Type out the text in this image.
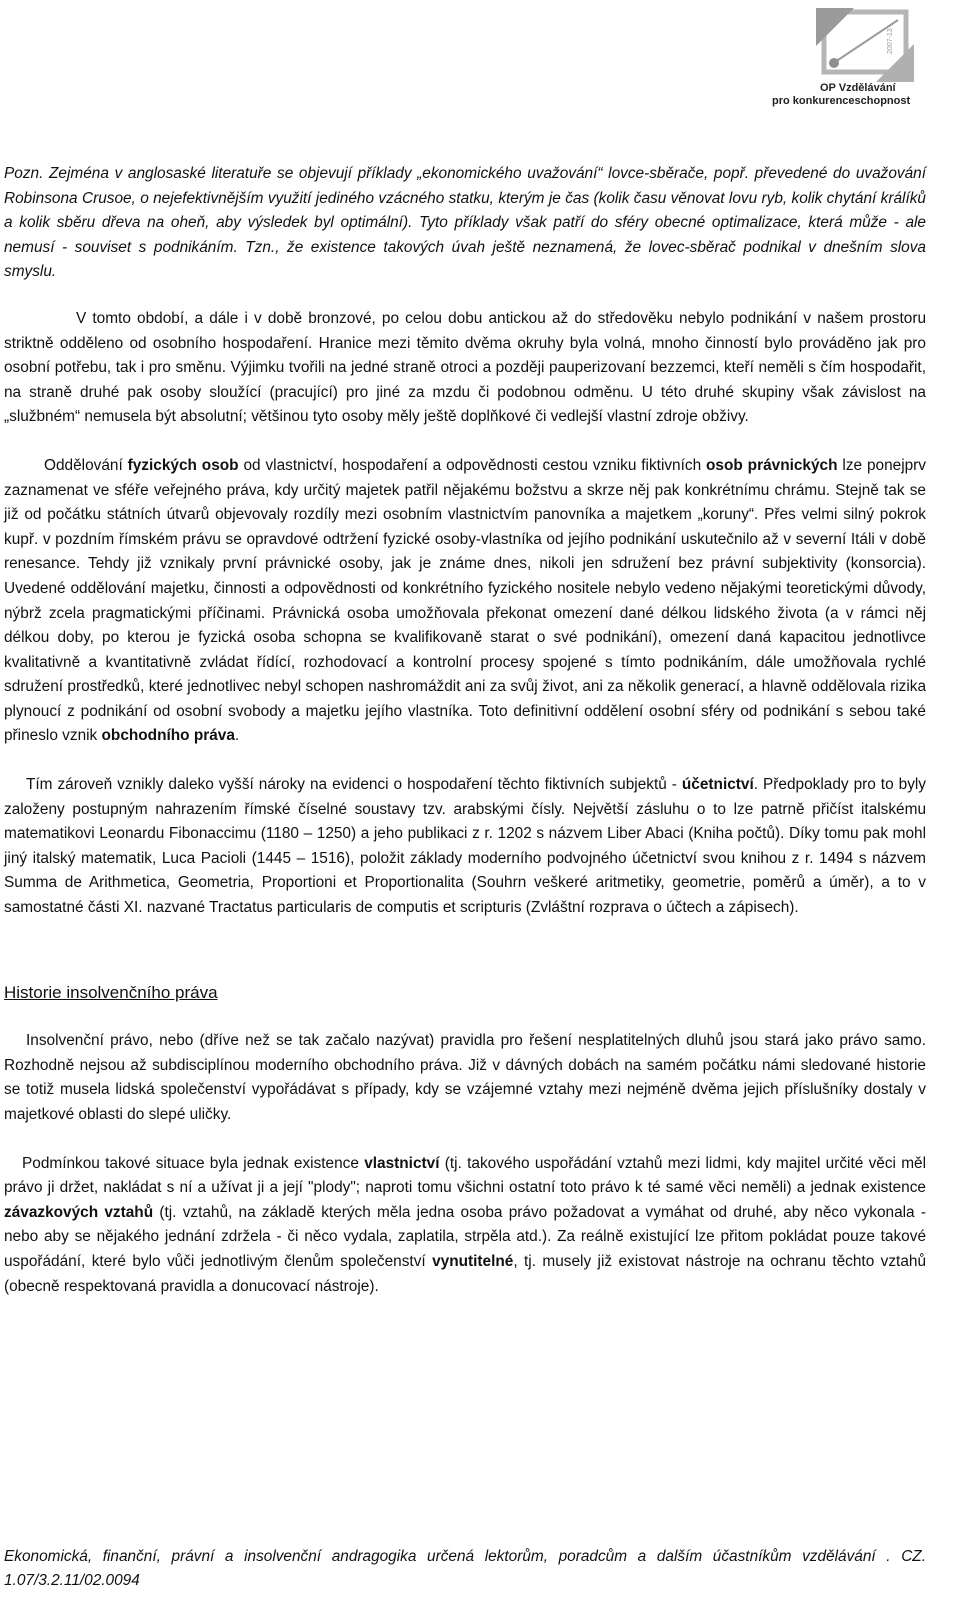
2007-13
OP Vzdělávání
pro konkurenceschopnost

Pozn. Zejména v anglosaské literatuře se objevují příklady „ekonomického uvažování“ lovce-sběrače, popř. převedené do uvažování Robinsona Crusoe, o nejefektivnějším využití jediného vzácného statku, kterým je čas (kolik času věnovat lovu ryb, kolik chytání králíků a kolik sběru dřeva na oheň, aby výsledek byl optimální). Tyto příklady však patří do sféry obecné optimalizace, která může - ale nemusí - souviset s podnikáním. Tzn., že existence takových úvah ještě neznamená, že lovec-sběrač podnikal v dnešním slova smyslu.

V tomto období, a dále i v době bronzové, po celou dobu antickou až do středověku nebylo podnikání v našem prostoru striktně odděleno od osobního hospodaření. Hranice mezi těmito dvěma okruhy byla volná, mnoho činností bylo prováděno jak pro osobní potřebu, tak i pro směnu. Výjimku tvořili na jedné straně otroci a později pauperizovaní bezzemci, kteří neměli s čím hospodařit, na straně druhé pak osoby sloužící (pracující) pro jiné za mzdu či podobnou odměnu. U této druhé skupiny však závislost na „službném“ nemusela být absolutní; většinou tyto osoby měly ještě doplňkové či vedlejší vlastní zdroje obživy.

Oddělování fyzických osob od vlastnictví, hospodaření a odpovědnosti cestou vzniku fiktivních osob právnických lze ponejprv zaznamenat ve sféře veřejného práva, kdy určitý majetek patřil nějakému božstvu a skrze něj pak konkrétnímu chrámu. Stejně tak se již od počátku státních útvarů objevovaly rozdíly mezi osobním vlastnictvím panovníka a majetkem „koruny“. Přes velmi silný pokrok kupř. v pozdním římském právu se opravdové odtržení fyzické osoby-vlastníka od jejího podnikání uskutečnilo až v severní Itáli v době renesance. Tehdy již vznikaly první právnické osoby, jak je známe dnes, nikoli jen sdružení bez právní subjektivity (konsorcia). Uvedené oddělování majetku, činnosti a odpovědnosti od konkrétního fyzického nositele nebylo vedeno nějakými teoretickými důvody, nýbrž zcela pragmatickými příčinami. Právnická osoba umožňovala překonat omezení dané délkou lidského života (a v rámci něj délkou doby, po kterou je fyzická osoba schopna se kvalifikovaně starat o své podnikání), omezení daná kapacitou jednotlivce kvalitativně a kvantitativně zvládat řídící, rozhodovací a kontrolní procesy spojené s tímto podnikáním, dále umožňovala rychlé sdružení prostředků, které jednotlivec nebyl schopen nashromáždit ani za svůj život, ani za několik generací, a hlavně oddělovala rizika plynoucí z podnikání od osobní svobody a majetku jejího vlastníka. Toto definitivní oddělení osobní sféry od podnikání s sebou také přineslo vznik obchodního práva.

Tím zároveň vznikly daleko vyšší nároky na evidenci o hospodaření těchto fiktivních subjektů - účetnictví. Předpoklady pro to byly založeny postupným nahrazením římské číselné soustavy tzv. arabskými čísly. Největší zásluhu o to lze patrně přičíst italskému matematikovi Leonardu Fibonaccimu (1180 – 1250) a jeho publikaci z r. 1202 s názvem Liber Abaci (Kniha počtů). Díky tomu pak mohl jiný italský matematik, Luca Pacioli (1445 – 1516), položit základy moderního podvojného účetnictví svou knihou z r. 1494 s názvem Summa de Arithmetica, Geometria, Proportioni et Proportionalita (Souhrn veškeré aritmetiky, geometrie, poměrů a úměr), a to v samostatné části XI. nazvané Tractatus particularis de computis et scripturis (Zvláštní rozprava o účtech a zápisech).

Historie insolvenčního práva

Insolvenční právo, nebo (dříve než se tak začalo nazývat) pravidla pro řešení nesplatitelných dluhů jsou stará jako právo samo. Rozhodně nejsou až subdisciplínou moderního obchodního práva. Již v dávných dobách na samém počátku námi sledované historie se totiž musela lidská společenství vypořádávat s případy, kdy se vzájemné vztahy mezi nejméně dvěma jejich příslušníky dostaly v majetkové oblasti do slepé uličky.

Podmínkou takové situace byla jednak existence vlastnictví (tj. takového uspořádání vztahů mezi lidmi, kdy majitel určité věci měl právo ji držet, nakládat s ní a užívat ji a její "plody"; naproti tomu všichni ostatní toto právo k té samé věci neměli) a jednak existence závazkových vztahů (tj. vztahů, na základě kterých měla jedna osoba právo požadovat a vymáhat od druhé, aby něco vykonala - nebo aby se nějakého jednání zdržela - či něco vydala, zaplatila, strpěla atd.). Za reálně existující lze přitom pokládat pouze takové uspořádání, které bylo vůči jednotlivým členům společenství vynutitelné, tj. musely již existovat nástroje na ochranu těchto vztahů (obecně respektovaná pravidla a donucovací nástroje).

Ekonomická, finanční, právní a insolvenční andragogika určená lektorům, poradcům a dalším účastníkům vzdělávání . CZ. 1.07/3.2.11/02.0094
